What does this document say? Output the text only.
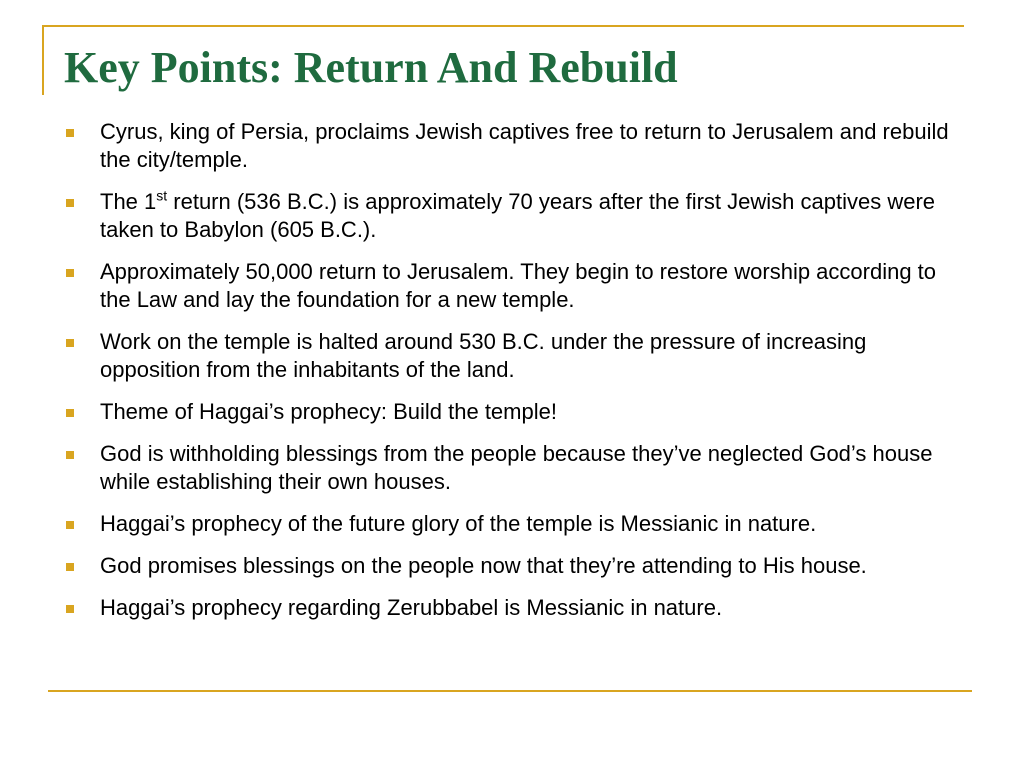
Key Points: Return And Rebuild
Cyrus, king of Persia, proclaims Jewish captives free to return to Jerusalem and rebuild the city/temple.
The 1st return (536 B.C.) is approximately 70 years after the first Jewish captives were taken to Babylon (605 B.C.).
Approximately 50,000 return to Jerusalem. They begin to restore worship according to the Law and lay the foundation for a new temple.
Work on the temple is halted around 530 B.C. under the pressure of increasing opposition from the inhabitants of the land.
Theme of Haggai’s prophecy: Build the temple!
God is withholding blessings from the people because they’ve neglected God’s house while establishing their own houses.
Haggai’s prophecy of the future glory of the temple is Messianic in nature.
God promises blessings on the people now that they’re attending to His house.
Haggai’s prophecy regarding Zerubbabel is Messianic in nature.
